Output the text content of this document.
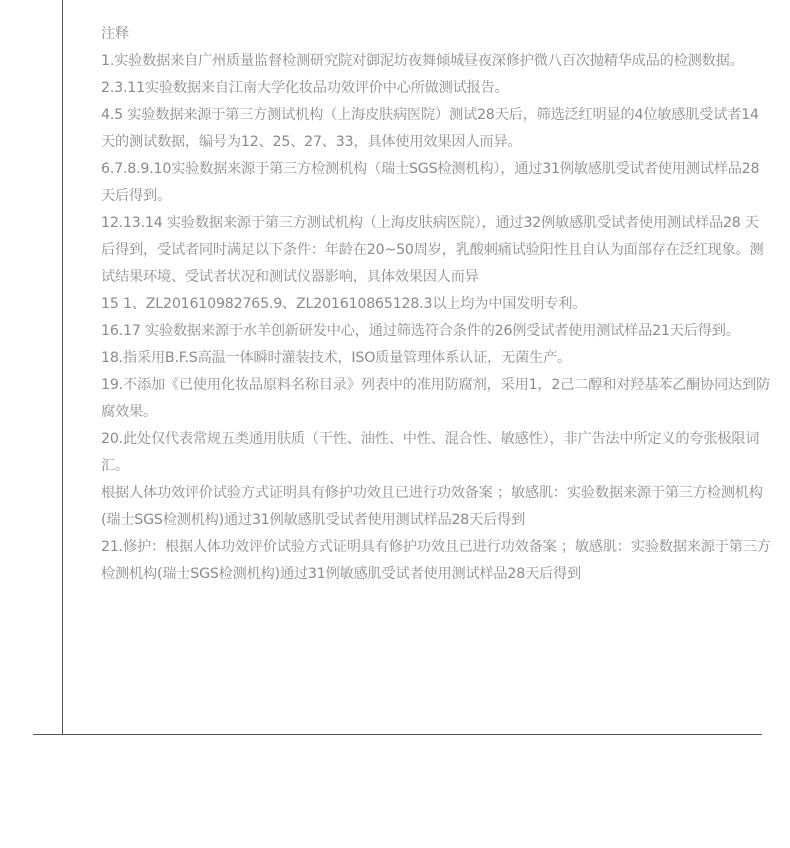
注释

1.实验数据来自广州质量监督检测研究院对御泥坊夜舞倾城昼夜深修护微八百次抛精华成品的检测数据。

2.3.11实验数据来自江南大学化妆品功效评价中心所做测试报告。

4.5 实验数据来源于第三方测试机构（上海皮肤病医院）测试28天后，筛选泛红明显的4位敏感肌受试者14天的测试数据，编号为12、25、27、33，具体使用效果因人而异。

6.7.8.9.10实验数据来源于第三方检测机构（瑞士SGS检测机构），通过31例敏感肌受试者使用测试样品28天后得到。

12.13.14 实验数据来源于第三方测试机构（上海皮肤病医院），通过32例敏感肌受试者使用测试样品28 天后得到，受试者同时满足以下条件：年龄在20~50周岁，乳酸刺痛试验阳性且自认为面部存在泛红现象。测试结果环境、受试者状况和测试仪器影响，具体效果因人而异

15 1、ZL201610982765.9、ZL201610865128.3以上均为中国发明专利。

16.17 实验数据来源于水羊创新研发中心，通过筛选符合条件的26例受试者使用测试样品21天后得到。

18.指采用B.F.S高温一体瞬时灌装技术，ISO质量管理体系认证，无菌生产。

19.不添加《已使用化妆品原料名称目录》列表中的准用防腐剂，采用1，2己二醇和对羟基苯乙酮协同达到防腐效果。

20.此处仅代表常规五类通用肤质（干性、油性、中性、混合性、敏感性），非广告法中所定义的夸张极限词汇。

根据人体功效评价试验方式证明具有修护功效且已进行功效备案 ；敏感肌：实验数据来源于第三方检测机构(瑞士SGS检测机构)通过31例敏感肌受试者使用测试样品28天后得到

21.修护：根据人体功效评价试验方式证明具有修护功效且已进行功效备案 ；敏感肌：实验数据来源于第三方检测机构(瑞士SGS检测机构)通过31例敏感肌受试者使用测试样品28天后得到
